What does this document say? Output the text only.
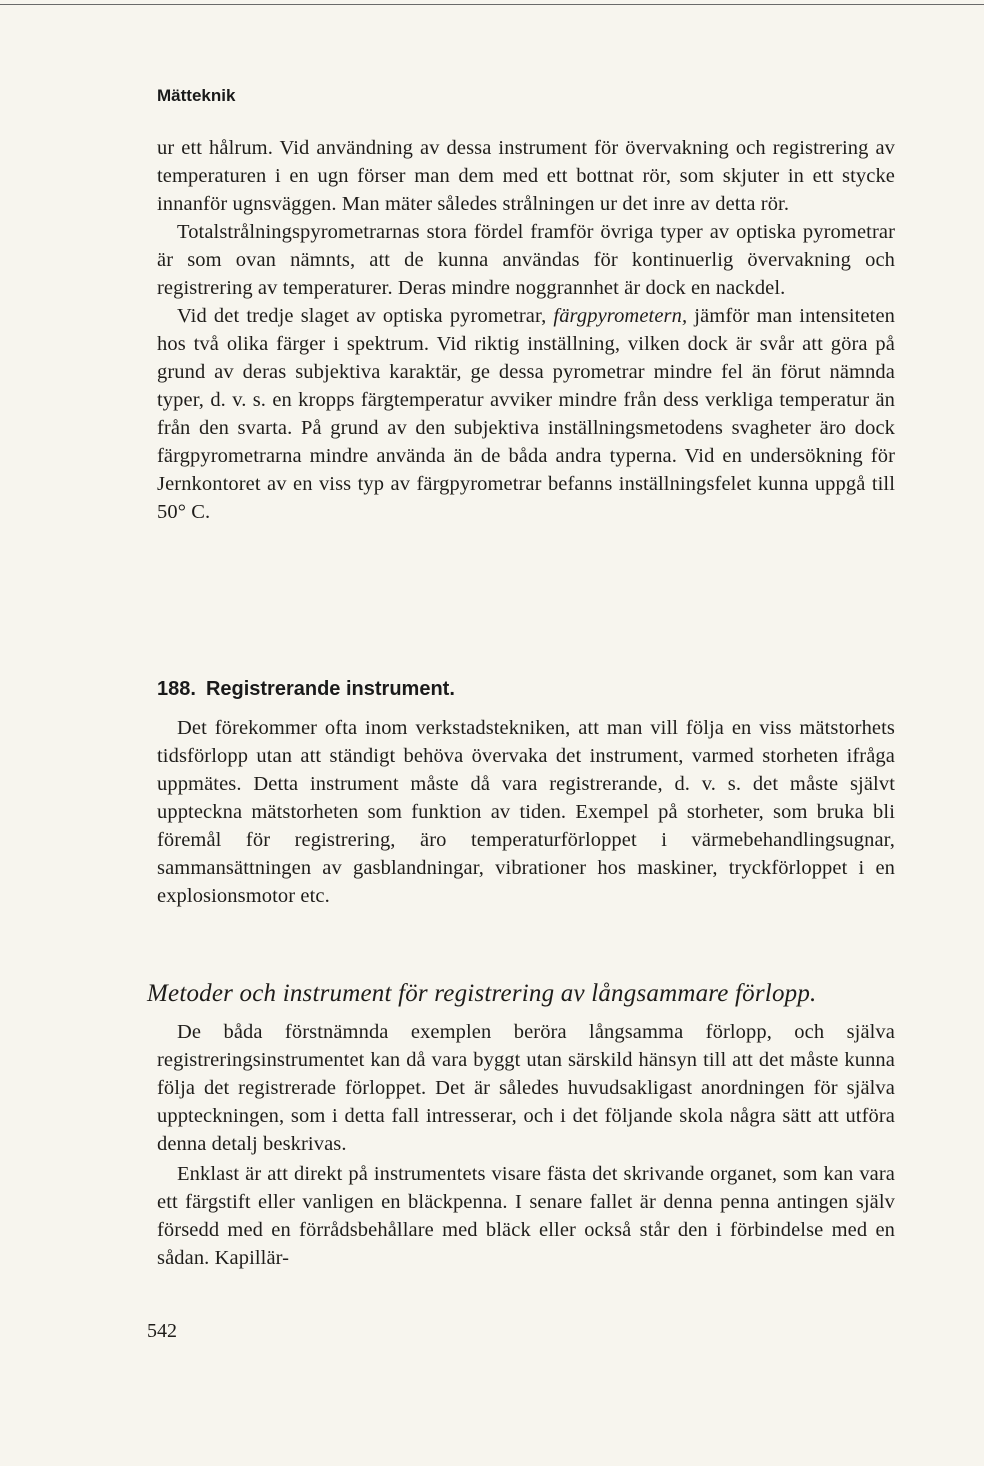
Mätteknik

ur ett hålrum. Vid användning av dessa instrument för övervakning och registrering av temperaturen i en ugn förser man dem med ett bottnat rör, som skjuter in ett stycke innanför ugnsväggen. Man mäter således strålningen ur det inre av detta rör.

Totalstrålningspyrometrarnas stora fördel framför övriga typer av optiska pyrometrar är som ovan nämnts, att de kunna användas för kontinuerlig övervakning och registrering av temperaturer. Deras mindre noggrannhet är dock en nackdel.

Vid det tredje slaget av optiska pyrometrar, färgpyrometern, jämför man intensiteten hos två olika färger i spektrum. Vid riktig inställning, vilken dock är svår att göra på grund av deras subjektiva karaktär, ge dessa pyrometrar mindre fel än förut nämnda typer, d. v. s. en kropps färgtemperatur avviker mindre från dess verkliga temperatur än från den svarta. På grund av den subjektiva inställningsmetodens svagheter äro dock färgpyrometrarna mindre använda än de båda andra typerna. Vid en undersökning för Jernkontoret av en viss typ av färgpyrometrar befanns inställningsfelet kunna uppgå till 50° C.

188. Registrerande instrument.

Det förekommer ofta inom verkstadstekniken, att man vill följa en viss mätstorhets tidsförlopp utan att ständigt behöva övervaka det instrument, varmed storheten ifråga uppmätes. Detta instrument måste då vara registrerande, d. v. s. det måste självt uppteckna mätstorheten som funktion av tiden. Exempel på storheter, som bruka bli föremål för registrering, äro temperaturförloppet i värmebehandlingsugnar, sammansättningen av gasblandningar, vibrationer hos maskiner, tryckförloppet i en explosionsmotor etc.

Metoder och instrument för registrering av långsammare förlopp.

De båda förstnämnda exemplen beröra långsamma förlopp, och själva registreringsinstrumentet kan då vara byggt utan särskild hänsyn till att det måste kunna följa det registrerade förloppet. Det är således huvudsakligast anordningen för själva uppteckningen, som i detta fall intresserar, och i det följande skola några sätt att utföra denna detalj beskrivas.

Enklast är att direkt på instrumentets visare fästa det skrivande organet, som kan vara ett färgstift eller vanligen en bläckpenna. I senare fallet är denna penna antingen själv försedd med en förrådsbehållare med bläck eller också står den i förbindelse med en sådan. Kapillär-

542
